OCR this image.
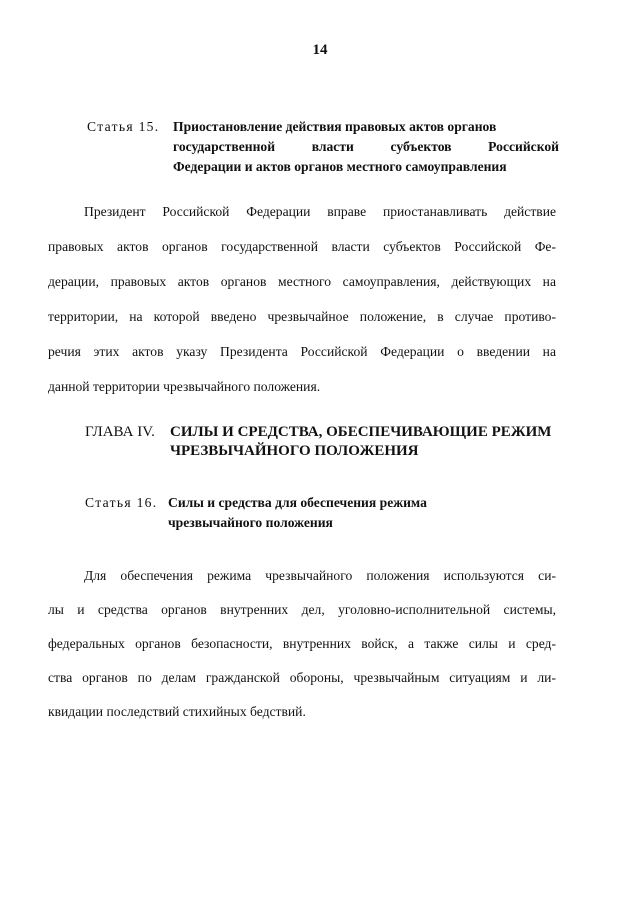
14
Статья 15. Приостановление действия правовых актов органов
государственной власти субъектов Российской
Федерации и актов органов местного самоуправления
Президент Российской Федерации вправе приостанавливать действие
правовых актов органов государственной власти субъектов Российской Фе-
дерации, правовых актов органов местного самоуправления, действующих на
территории, на которой введено чрезвычайное положение, в случае противо-
речия этих актов указу Президента Российской Федерации о введении на
данной территории чрезвычайного положения.
ГЛАВА IV.	СИЛЫ И СРЕДСТВА, ОБЕСПЕЧИВАЮЩИЕ РЕЖИМ
ЧРЕЗВЫЧАЙНОГО ПОЛОЖЕНИЯ
Статья 16. Силы и средства для обеспечения режима
чрезвычайного положения
Для обеспечения режима чрезвычайного положения используются си-
лы и средства органов внутренних дел, уголовно-исполнительной системы,
федеральных органов безопасности, внутренних войск, а также силы и сред-
ства органов по делам гражданской обороны, чрезвычайным ситуациям и ли-
квидации последствий стихийных бедствий.
